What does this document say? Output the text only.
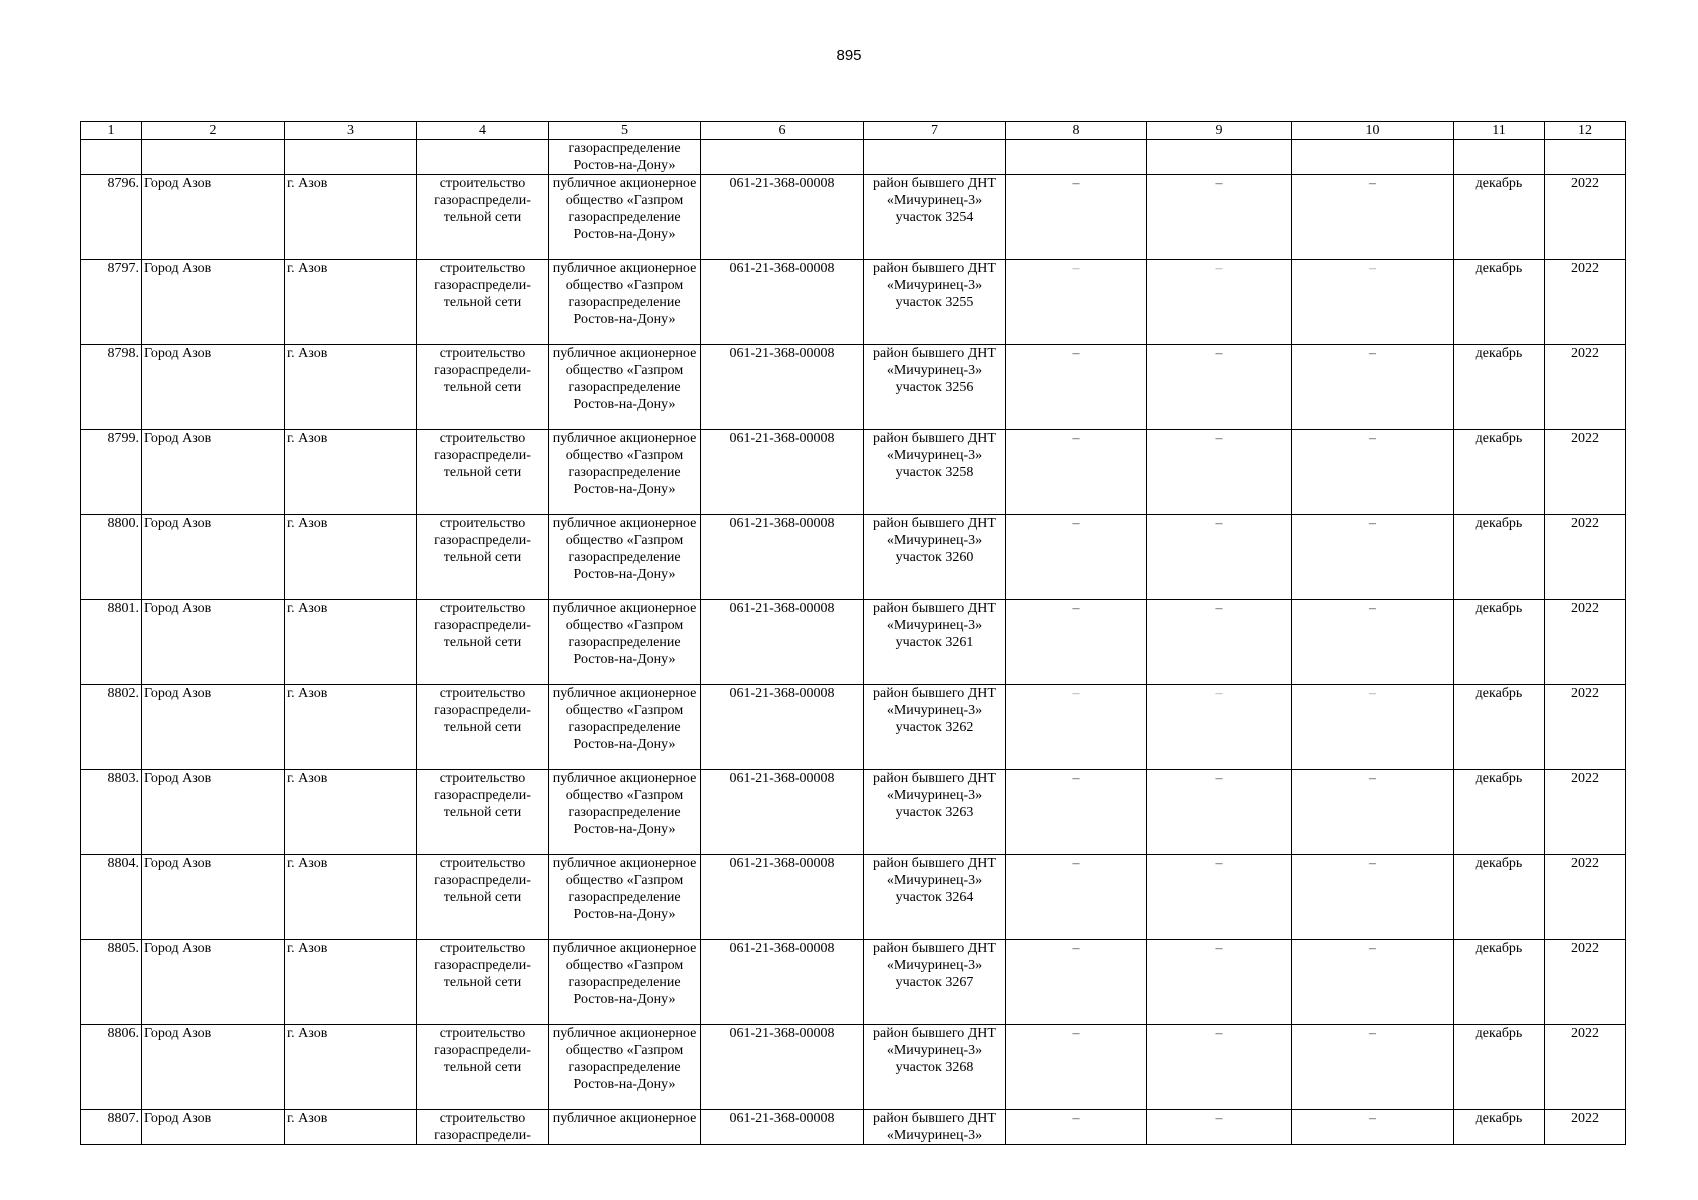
895
1	2	3	4	5	6	7	8	9	10	11	12
				газораспределение Ростов-на-Дону»							
8796.	Город Азов	г. Азов	строительство газораспредели-тельной сети	публичное акционерное общество «Газпром газораспределение Ростов-на-Дону»	061-21-368-00008	район бывшего ДНТ «Мичуринец-3» участок 3254	–	–	–	декабрь	2022
8797.	Город Азов	г. Азов	строительство газораспредели-тельной сети	публичное акционерное общество «Газпром газораспределение Ростов-на-Дону»	061-21-368-00008	район бывшего ДНТ «Мичуринец-3» участок 3255	–	–	–	декабрь	2022
8798.	Город Азов	г. Азов	строительство газораспредели-тельной сети	публичное акционерное общество «Газпром газораспределение Ростов-на-Дону»	061-21-368-00008	район бывшего ДНТ «Мичуринец-3» участок 3256	–	–	–	декабрь	2022
8799.	Город Азов	г. Азов	строительство газораспредели-тельной сети	публичное акционерное общество «Газпром газораспределение Ростов-на-Дону»	061-21-368-00008	район бывшего ДНТ «Мичуринец-3» участок 3258	–	–	–	декабрь	2022
8800.	Город Азов	г. Азов	строительство газораспредели-тельной сети	публичное акционерное общество «Газпром газораспределение Ростов-на-Дону»	061-21-368-00008	район бывшего ДНТ «Мичуринец-3» участок 3260	–	–	–	декабрь	2022
8801.	Город Азов	г. Азов	строительство газораспредели-тельной сети	публичное акционерное общество «Газпром газораспределение Ростов-на-Дону»	061-21-368-00008	район бывшего ДНТ «Мичуринец-3» участок 3261	–	–	–	декабрь	2022
8802.	Город Азов	г. Азов	строительство газораспредели-тельной сети	публичное акционерное общество «Газпром газораспределение Ростов-на-Дону»	061-21-368-00008	район бывшего ДНТ «Мичуринец-3» участок 3262	–	–	–	декабрь	2022
8803.	Город Азов	г. Азов	строительство газораспредели-тельной сети	публичное акционерное общество «Газпром газораспределение Ростов-на-Дону»	061-21-368-00008	район бывшего ДНТ «Мичуринец-3» участок 3263	–	–	–	декабрь	2022
8804.	Город Азов	г. Азов	строительство газораспредели-тельной сети	публичное акционерное общество «Газпром газораспределение Ростов-на-Дону»	061-21-368-00008	район бывшего ДНТ «Мичуринец-3» участок 3264	–	–	–	декабрь	2022
8805.	Город Азов	г. Азов	строительство газораспредели-тельной сети	публичное акционерное общество «Газпром газораспределение Ростов-на-Дону»	061-21-368-00008	район бывшего ДНТ «Мичуринец-3» участок 3267	–	–	–	декабрь	2022
8806.	Город Азов	г. Азов	строительство газораспредели-тельной сети	публичное акционерное общество «Газпром газораспределение Ростов-на-Дону»	061-21-368-00008	район бывшего ДНТ «Мичуринец-3» участок 3268	–	–	–	декабрь	2022
8807.	Город Азов	г. Азов	строительство газораспредели-	публичное акционерное	061-21-368-00008	район бывшего ДНТ «Мичуринец-3»	–	–	–	декабрь	2022
